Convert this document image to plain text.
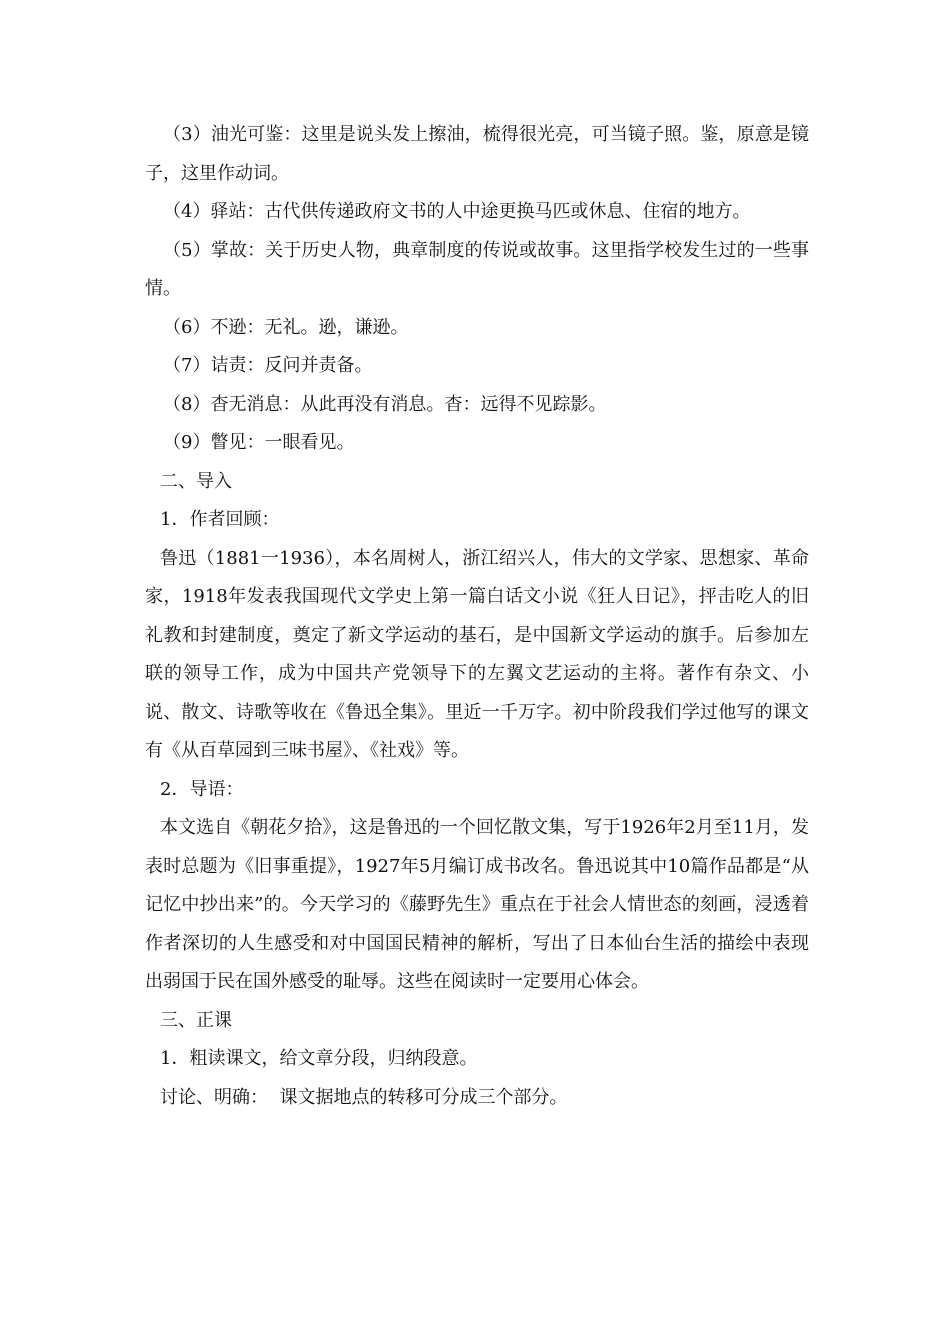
（3）油光可鉴：这里是说头发上擦油，梳得很光亮，可当镜子照。鉴，原意是镜子，这里作动词。

（4）驿站：古代供传递政府文书的人中途更换马匹或休息、住宿的地方。

（5）掌故：关于历史人物，典章制度的传说或故事。这里指学校发生过的一些事情。

（6）不逊：无礼。逊，谦逊。

（7）诘责：反问并责备。

（8）杳无消息：从此再没有消息。杳：远得不见踪影。

（9）瞥见：一眼看见。

二、导入

1．作者回顾：

鲁迅（1881一1936），本名周树人，浙江绍兴人，伟大的文学家、思想家、革命家，1918年发表我国现代文学史上第一篇白话文小说《狂人日记》，抨击吃人的旧礼教和封建制度，奠定了新文学运动的基石，是中国新文学运动的旗手。后参加左联的领导工作，成为中国共产党领导下的左翼文艺运动的主将。著作有杂文、小说、散文、诗歌等收在《鲁迅全集》。里近一千万字。初中阶段我们学过他写的课文有《从百草园到三味书屋》、《社戏》等。

2．导语：

本文选自《朝花夕拾》，这是鲁迅的一个回忆散文集，写于1926年2月至11月，发表时总题为《旧事重提》，1927年5月编订成书改名。鲁迅说其中10篇作品都是“从记忆中抄出来”的。今天学习的《藤野先生》重点在于社会人情世态的刻画，浸透着作者深切的人生感受和对中国国民精神的解析，写出了日本仙台生活的描绘中表现出弱国于民在国外感受的耻辱。这些在阅读时一定要用心体会。

三、正课

1．粗读课文，给文章分段，归纳段意。

讨论、明确：  课文据地点的转移可分成三个部分。
